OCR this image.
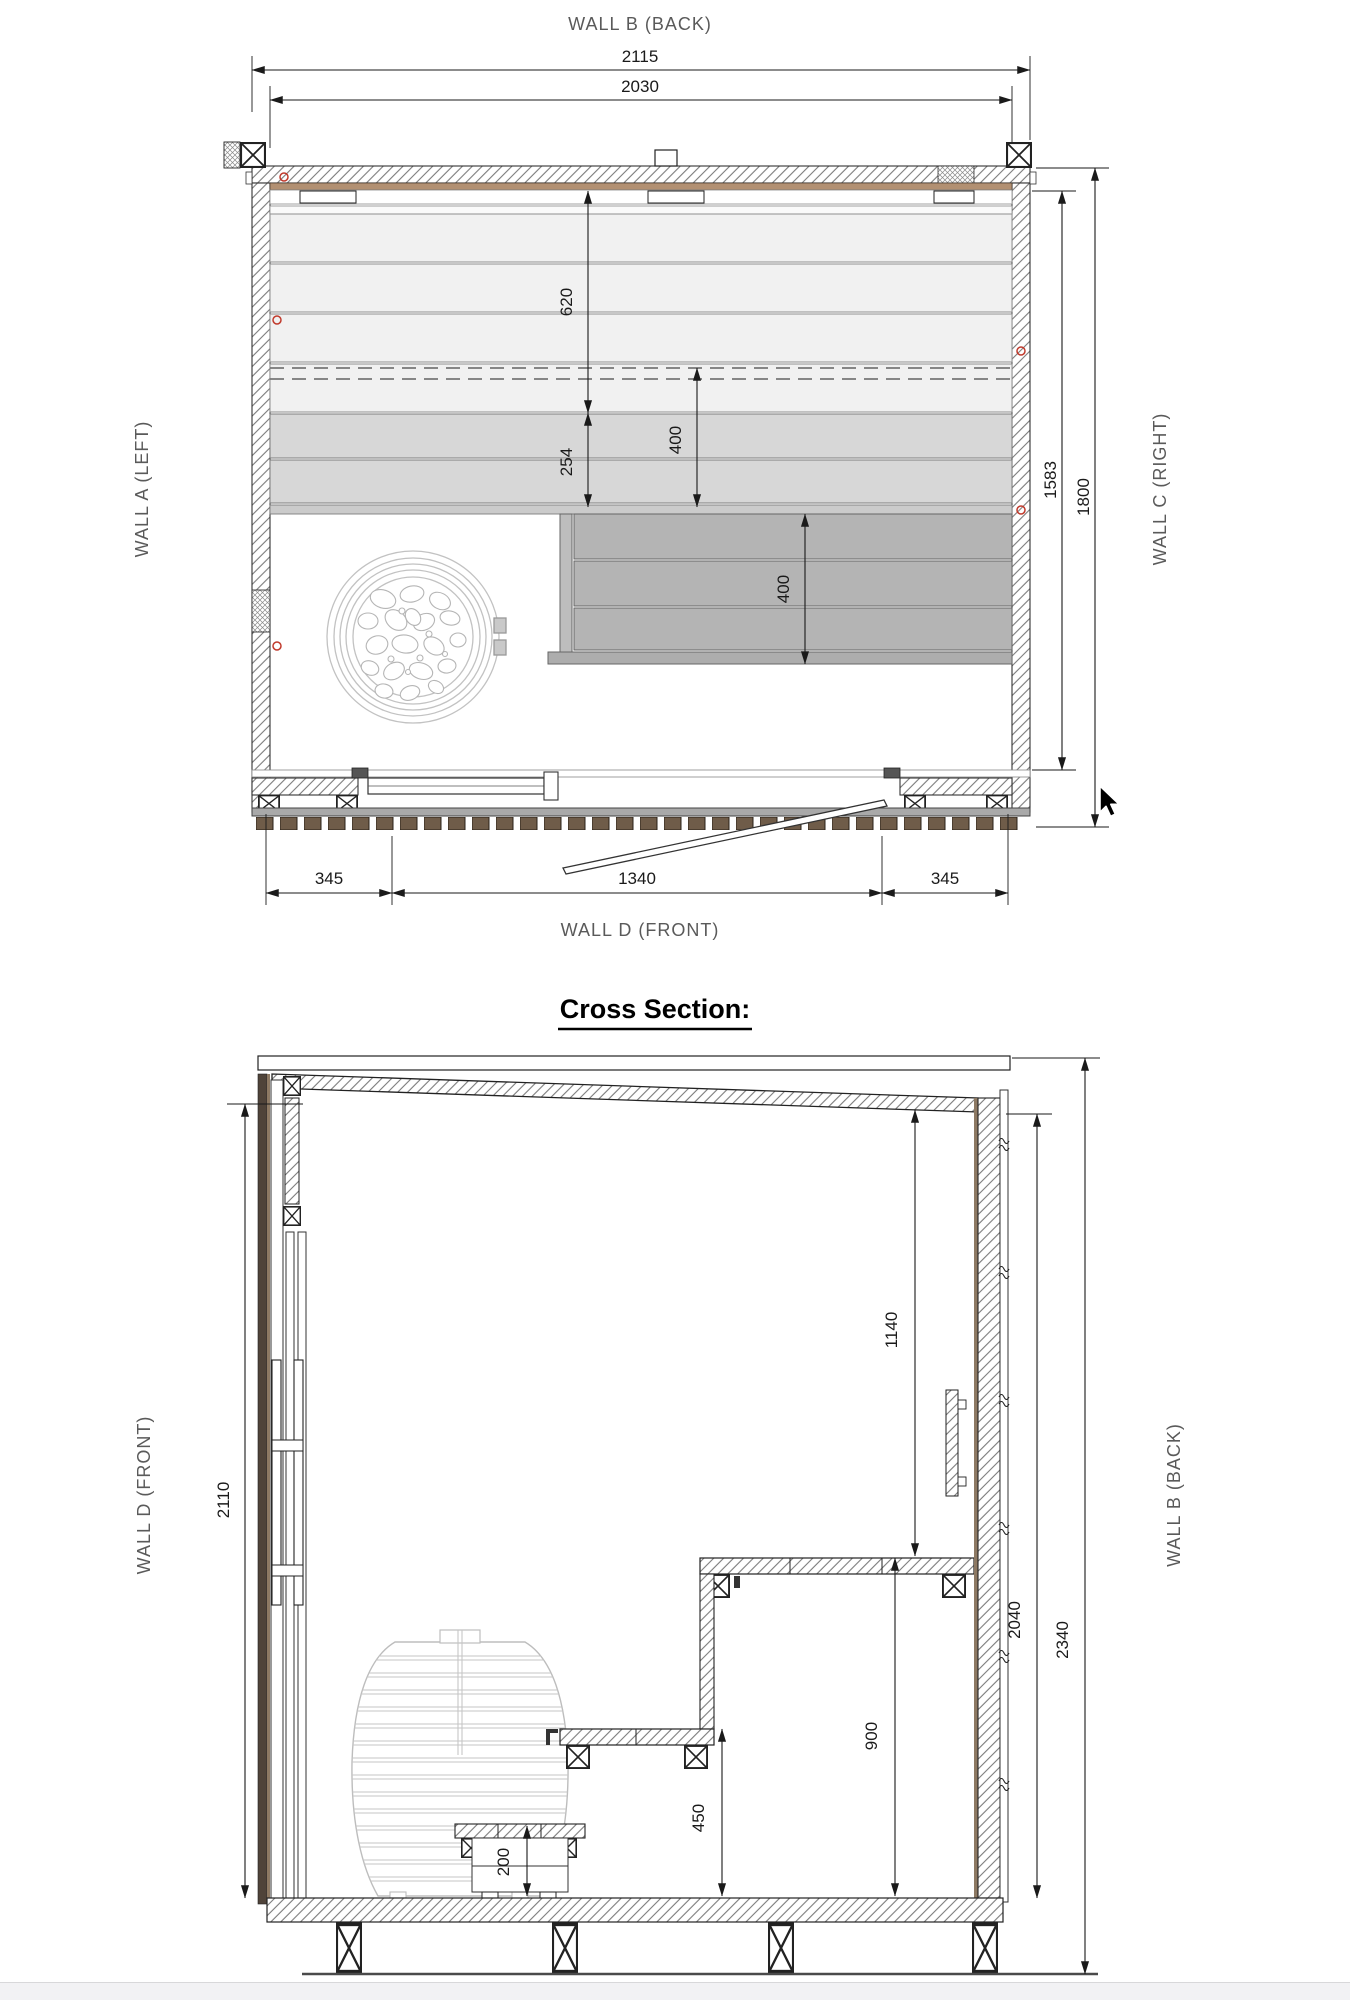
2115
2030
620
254
400
400
1583 1800
345	1340	345
WALL B (BACK)
WALL A (LEFT)	WALL C (RIGHT)
WALL D (FRONT)
Cross Section:
2110
1140
900
450
200
2040
2340
WALL D (FRONT)	WALL B (BACK)
